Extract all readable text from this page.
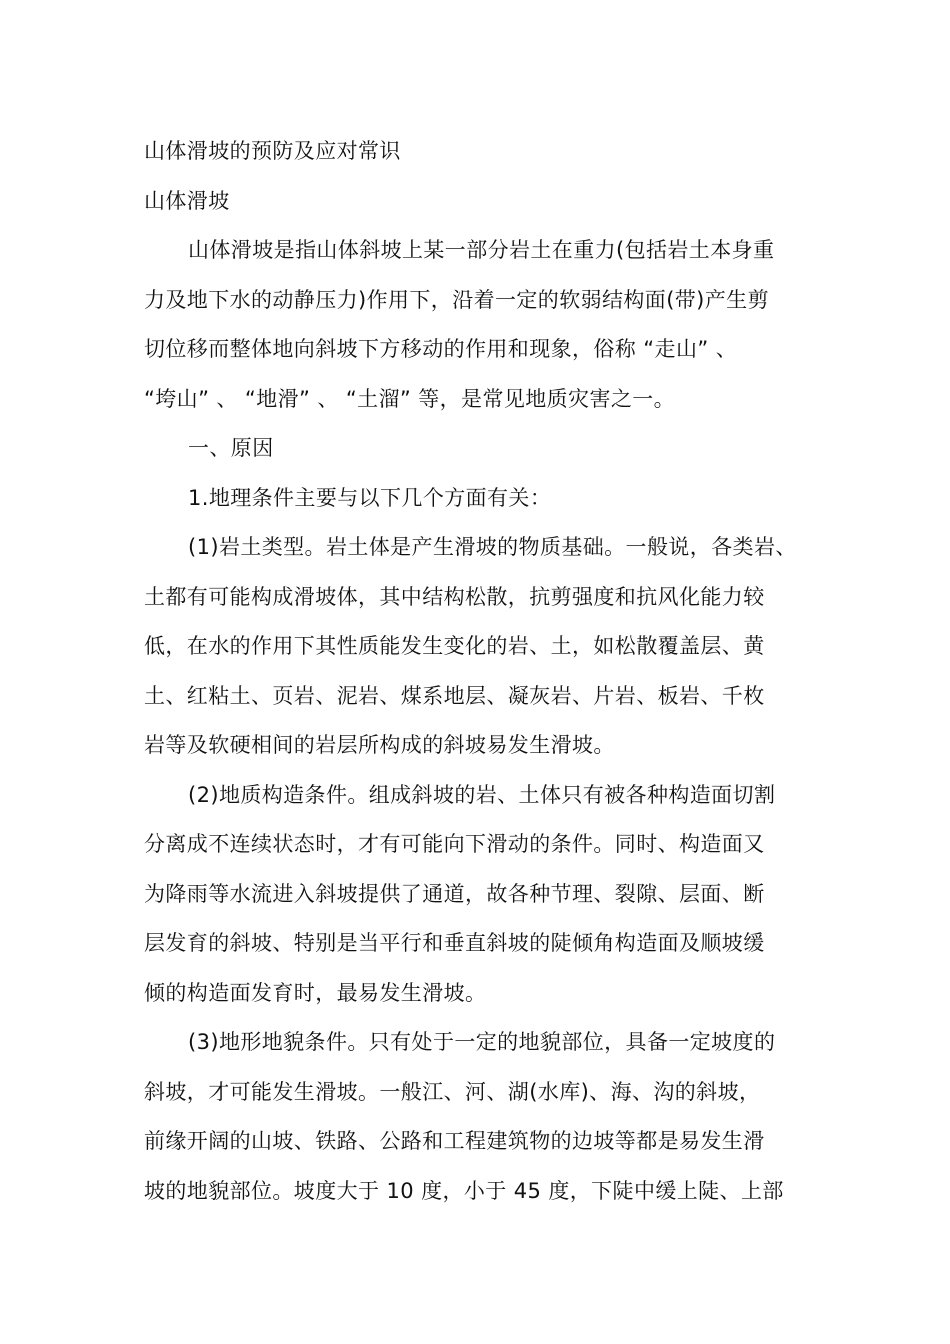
山体滑坡的预防及应对常识
山体滑坡
山体滑坡是指山体斜坡上某一部分岩土在重力(包括岩土本身重
力及地下水的动静压力)作用下，沿着一定的软弱结构面(带)产生剪
切位移而整体地向斜坡下方移动的作用和现象，俗称 “走山” 、
“垮山” 、 “地滑” 、 “土溜” 等，是常见地质灾害之一。
一、原因
1.地理条件主要与以下几个方面有关：
(1)岩土类型。岩土体是产生滑坡的物质基础。一般说，各类岩、
土都有可能构成滑坡体，其中结构松散，抗剪强度和抗风化能力较
低，在水的作用下其性质能发生变化的岩、土，如松散覆盖层、黄
土、红粘土、页岩、泥岩、煤系地层、凝灰岩、片岩、板岩、千枚
岩等及软硬相间的岩层所构成的斜坡易发生滑坡。
(2)地质构造条件。组成斜坡的岩、土体只有被各种构造面切割
分离成不连续状态时，才有可能向下滑动的条件。同时、构造面又
为降雨等水流进入斜坡提供了通道，故各种节理、裂隙、层面、断
层发育的斜坡、特别是当平行和垂直斜坡的陡倾角构造面及顺坡缓
倾的构造面发育时，最易发生滑坡。
(3)地形地貌条件。只有处于一定的地貌部位，具备一定坡度的
斜坡，才可能发生滑坡。一般江、河、湖(水库)、海、沟的斜坡，
前缘开阔的山坡、铁路、公路和工程建筑物的边坡等都是易发生滑
坡的地貌部位。坡度大于 10 度，小于 45 度，下陡中缓上陡、上部
